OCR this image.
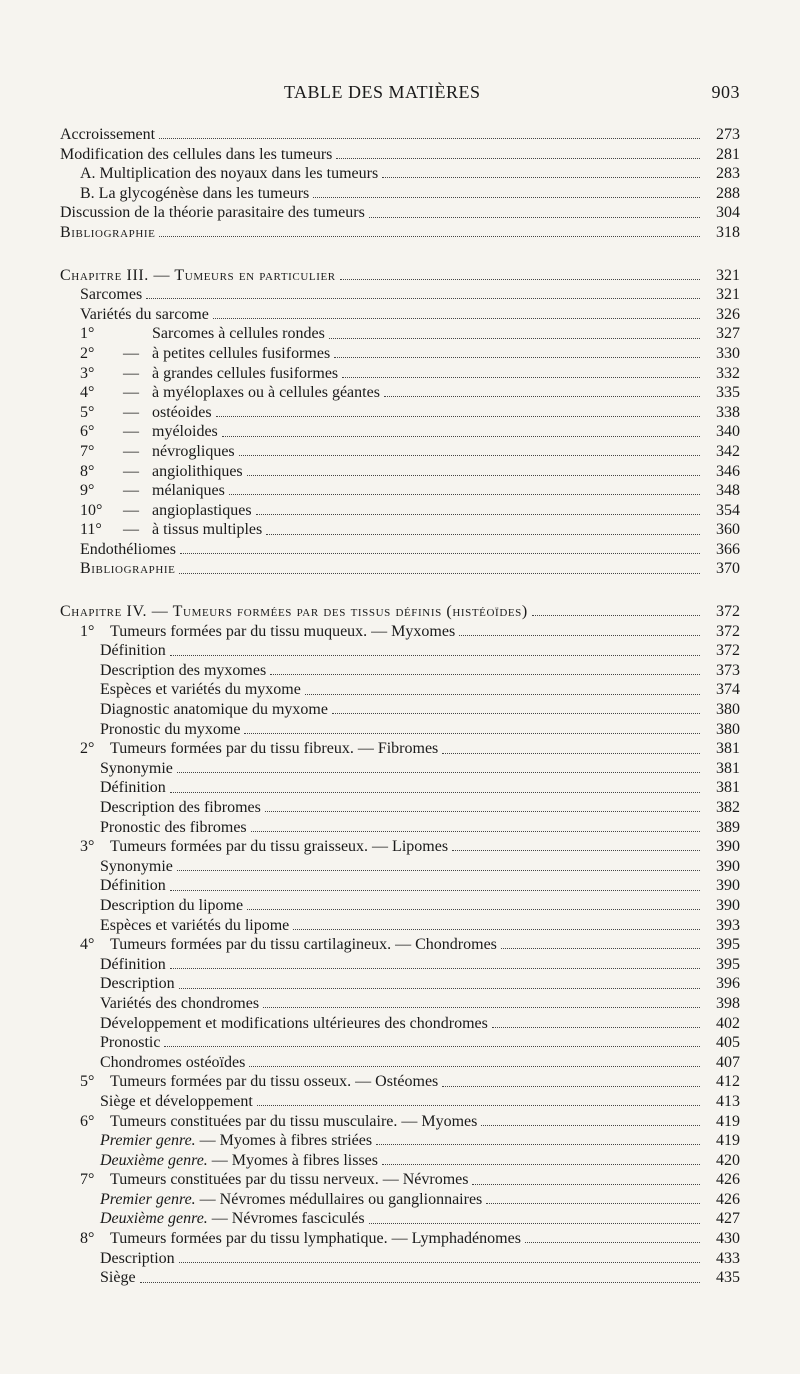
TABLE DES MATIÈRES	903
Accroissement	273
Modification des cellules dans les tumeurs	281
A. Multiplication des noyaux dans les tumeurs	283
B. La glycogénèse dans les tumeurs	288
Discussion de la théorie parasitaire des tumeurs	304
Bibliographie	318
Chapitre III. — Tumeurs en particulier	321
Sarcomes	321
Variétés du sarcome	326
1°	Sarcomes à cellules rondes	327
2° — à petites cellules fusiformes	330
3° — à grandes cellules fusiformes	332
4° — à myéloplaxes ou à cellules géantes	335
5° — ostéoides	338
6° — myéloides	340
7° — névrogliques	342
8° — angiolithiques	346
9° — mélaniques	348
10° — angioplastiques	354
11° — à tissus multiples	360
Endothéliomes	366
Bibliographie	370
Chapitre IV. — Tumeurs formées par des tissus définis (histéoïdes)	372
1° Tumeurs formées par du tissu muqueux. — Myxomes	372
Définition	372
Description des myxomes	373
Espèces et variétés du myxome	374
Diagnostic anatomique du myxome	380
Pronostic du myxome	380
2° Tumeurs formées par du tissu fibreux. — Fibromes	381
Synonymie	381
Définition	381
Description des fibromes	382
Pronostic des fibromes	389
3° Tumeurs formées par du tissu graisseux. — Lipomes	390
Synonymie	390
Définition	390
Description du lipome	390
Espèces et variétés du lipome	393
4° Tumeurs formées par du tissu cartilagineux. — Chondromes	395
Définition	395
Description	396
Variétés des chondromes	398
Développement et modifications ultérieures des chondromes	402
Pronostic	405
Chondromes ostéoïdes	407
5° Tumeurs formées par du tissu osseux. — Ostéomes	412
Siège et développement	413
6° Tumeurs constituées par du tissu musculaire. — Myomes	419
Premier genre. — Myomes à fibres striées	419
Deuxième genre. — Myomes à fibres lisses	420
7° Tumeurs constituées par du tissu nerveux. — Névromes	426
Premier genre. — Névromes médullaires ou ganglionnaires	426
Deuxième genre. — Névromes fasciculés	427
8° Tumeurs formées par du tissu lymphatique. — Lymphadénomes	430
Description	433
Siège	435
